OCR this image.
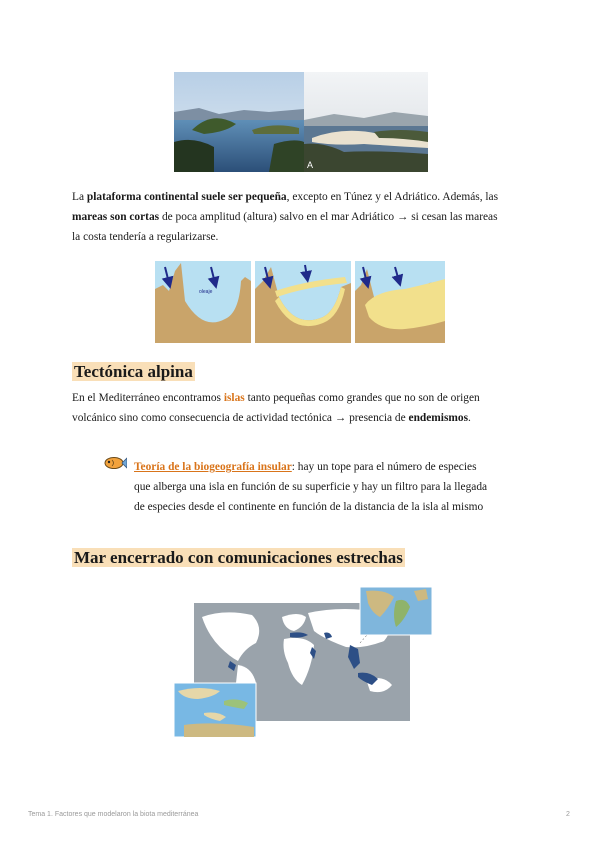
A
La plataforma continental suele ser pequeña, excepto en Túnez y el Adriático. Además, las
mareas son cortas de poca amplitud (altura) salvo en el mar Adriático → si cesan las mareas
la costa tendería a regularizarse.
oleaje
Tectónica alpina
En el Mediterráneo encontramos islas tanto pequeñas como grandes que no son de origen
volcánico sino como consecuencia de actividad tectónica → presencia de endemismos.
Teoría de la biogeografía insular: hay un tope para el número de especies
que alberga una isla en función de su superficie y hay un filtro para la llegada
de especies desde el continente en función de la distancia de la isla al mismo
Mar encerrado con comunicaciones estrechas
Tema 1. Factores que modelaron la biota mediterránea	2
